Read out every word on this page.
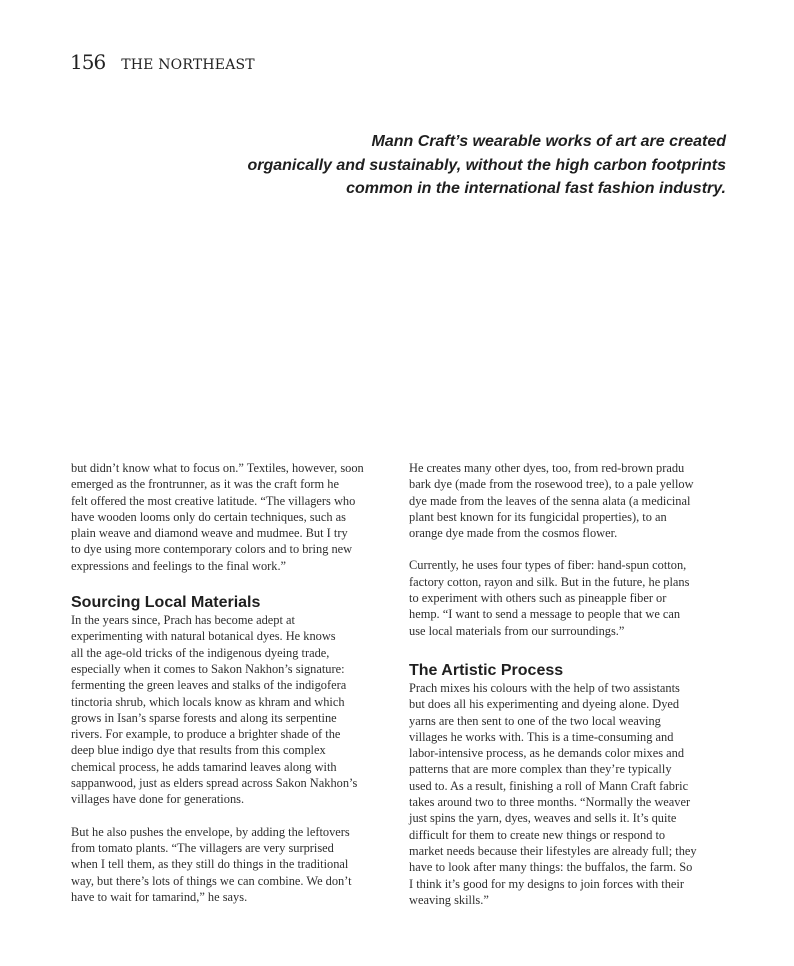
156 THE NORTHEAST
Mann Craft’s wearable works of art are created
organically and sustainably, without the high carbon footprints
common in the international fast fashion industry.

but didn’t know what to focus on.” Textiles, however, soon
emerged as the frontrunner, as it was the craft form he
felt offered the most creative latitude. “The villagers who
have wooden looms only do certain techniques, such as
plain weave and diamond weave and mudmee. But I try
to dye using more contemporary colors and to bring new
expressions and feelings to the final work.”

Sourcing Local Materials

In the years since, Prach has become adept at
experimenting with natural botanical dyes. He knows
all the age-old tricks of the indigenous dyeing trade,
especially when it comes to Sakon Nakhon’s signature:
fermenting the green leaves and stalks of the indigofera
tinctoria shrub, which locals know as khram and which
grows in Isan’s sparse forests and along its serpentine
rivers. For example, to produce a brighter shade of the
deep blue indigo dye that results from this complex
chemical process, he adds tamarind leaves along with
sappanwood, just as elders spread across Sakon Nakhon’s
villages have done for generations.

But he also pushes the envelope, by adding the leftovers
from tomato plants. “The villagers are very surprised
when I tell them, as they still do things in the traditional
way, but there’s lots of things we can combine. We don’t
have to wait for tamarind,” he says.

He creates many other dyes, too, from red-brown pradu
bark dye (made from the rosewood tree), to a pale yellow
dye made from the leaves of the senna alata (a medicinal
plant best known for its fungicidal properties), to an
orange dye made from the cosmos flower.

Currently, he uses four types of fiber: hand-spun cotton,
factory cotton, rayon and silk. But in the future, he plans
to experiment with others such as pineapple fiber or
hemp. “I want to send a message to people that we can
use local materials from our surroundings.”

The Artistic Process

Prach mixes his colours with the help of two assistants
but does all his experimenting and dyeing alone. Dyed
yarns are then sent to one of the two local weaving
villages he works with. This is a time-consuming and
labor-intensive process, as he demands color mixes and
patterns that are more complex than they’re typically
used to. As a result, finishing a roll of Mann Craft fabric
takes around two to three months. “Normally the weaver
just spins the yarn, dyes, weaves and sells it. It’s quite
difficult for them to create new things or respond to
market needs because their lifestyles are already full; they
have to look after many things: the buffalos, the farm. So
I think it’s good for my designs to join forces with their
weaving skills.”
